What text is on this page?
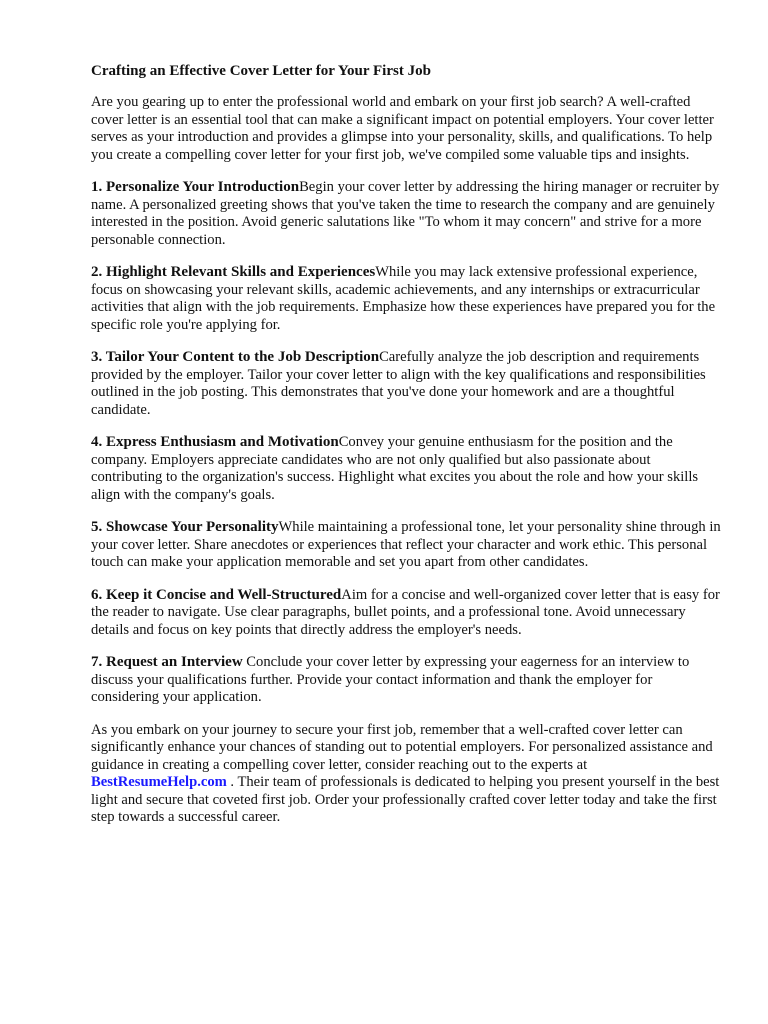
Crafting an Effective Cover Letter for Your First Job

Are you gearing up to enter the professional world and embark on your first job search? A well-crafted cover letter is an essential tool that can make a significant impact on potential employers. Your cover letter serves as your introduction and provides a glimpse into your personality, skills, and qualifications. To help you create a compelling cover letter for your first job, we've compiled some valuable tips and insights.

1. Personalize Your IntroductionBegin your cover letter by addressing the hiring manager or recruiter by name. A personalized greeting shows that you've taken the time to research the company and are genuinely interested in the position. Avoid generic salutations like "To whom it may concern" and strive for a more personable connection.

2. Highlight Relevant Skills and ExperiencesWhile you may lack extensive professional experience, focus on showcasing your relevant skills, academic achievements, and any internships or extracurricular activities that align with the job requirements. Emphasize how these experiences have prepared you for the specific role you're applying for.

3. Tailor Your Content to the Job DescriptionCarefully analyze the job description and requirements provided by the employer. Tailor your cover letter to align with the key qualifications and responsibilities outlined in the job posting. This demonstrates that you've done your homework and are a thoughtful candidate.

4. Express Enthusiasm and MotivationConvey your genuine enthusiasm for the position and the company. Employers appreciate candidates who are not only qualified but also passionate about contributing to the organization's success. Highlight what excites you about the role and how your skills align with the company's goals.

5. Showcase Your PersonalityWhile maintaining a professional tone, let your personality shine through in your cover letter. Share anecdotes or experiences that reflect your character and work ethic. This personal touch can make your application memorable and set you apart from other candidates.

6. Keep it Concise and Well-StructuredAim for a concise and well-organized cover letter that is easy for the reader to navigate. Use clear paragraphs, bullet points, and a professional tone. Avoid unnecessary details and focus on key points that directly address the employer's needs.

7. Request an Interview Conclude your cover letter by expressing your eagerness for an interview to discuss your qualifications further. Provide your contact information and thank the employer for considering your application.

As you embark on your journey to secure your first job, remember that a well-crafted cover letter can significantly enhance your chances of standing out to potential employers. For personalized assistance and guidance in creating a compelling cover letter, consider reaching out to the experts at BestResumeHelp.com . Their team of professionals is dedicated to helping you present yourself in the best light and secure that coveted first job. Order your professionally crafted cover letter today and take the first step towards a successful career.
